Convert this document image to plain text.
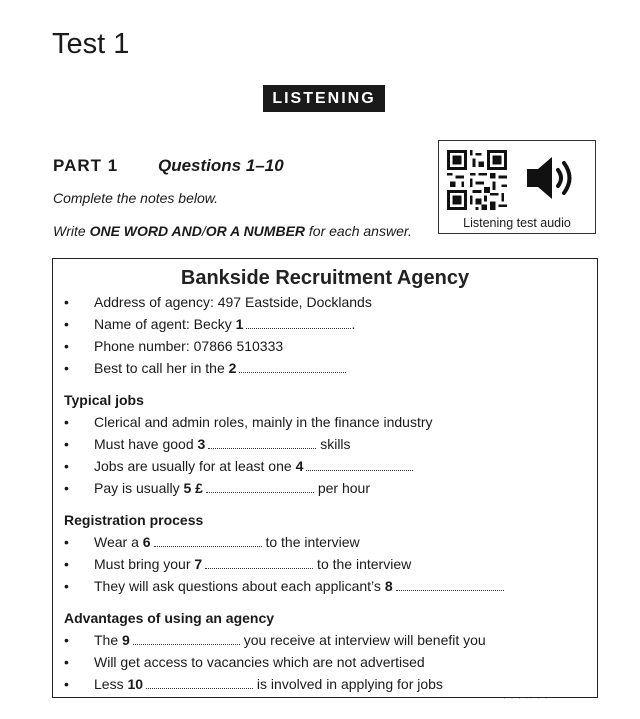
Test 1
LISTENING
PART 1 Questions 1–10
Complete the notes below.
Write ONE WORD AND/OR A NUMBER for each answer.	Listening test audio
Bankside Recruitment Agency
• Address of agency: 497 Eastside, Docklands
• Name of agent: Becky 1	.
• Phone number: 07866 510333
• Best to call her in the 2
Typical jobs
• Clerical and admin roles, mainly in the finance industry
• Must have good 3	skills
• Jobs are usually for at least one 4
• Pay is usually 5 £	per hour
Registration process
• Wear a 6	to the interview
• Must bring your 7	to the interview
• They will ask questions about each applicant’s 8
Advantages of using an agency
• The 9	you receive at interview will benefit you
• Will get access to vacancies which are not advertised
• Less 10	is involved in applying for jobs
· · · ·· · ·
